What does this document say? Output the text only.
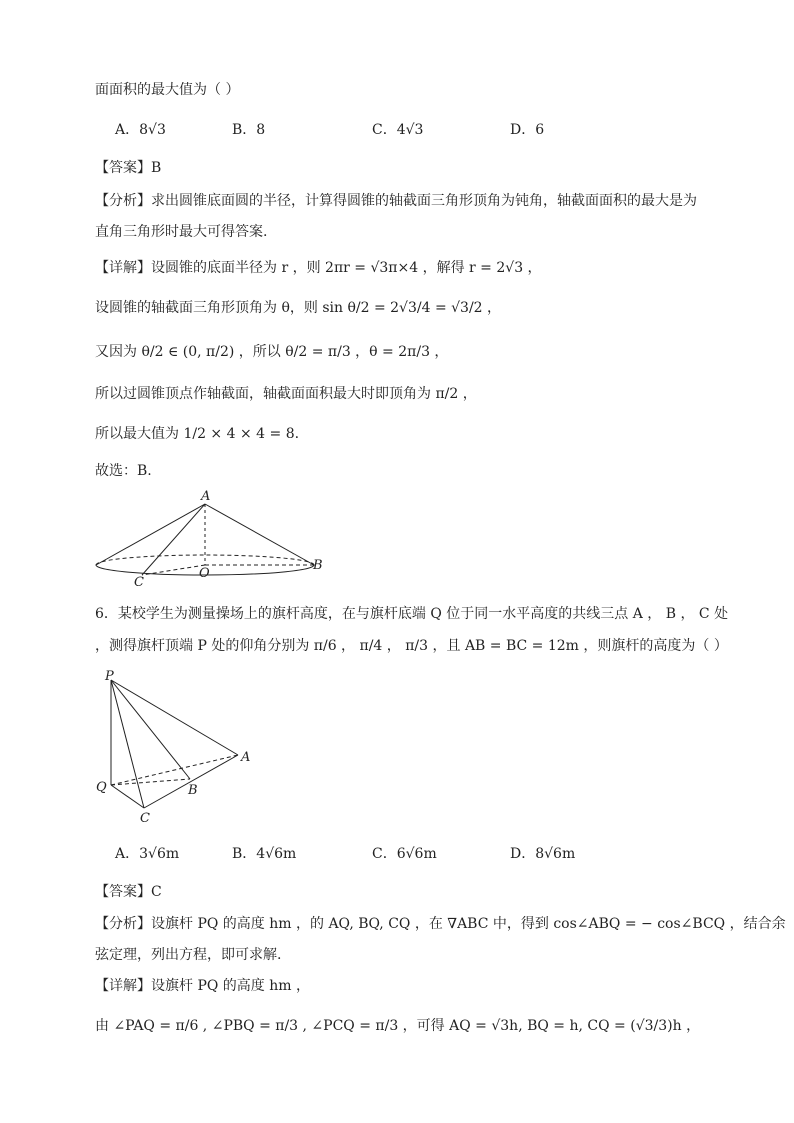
面面积的最大值为（ ）
A．8√3	B．8	C．4√3	D．6
【答案】B
【分析】求出圆锥底面圆的半径，计算得圆锥的轴截面三角形顶角为钝角，轴截面面积的最大是为
直角三角形时最大可得答案.
【详解】设圆锥的底面半径为 r ，则 2πr = √3π×4 ，解得 r = 2√3 ，
设圆锥的轴截面三角形顶角为 θ，则 sin θ/2 = 2√3/4 = √3/2 ，
又因为 θ/2 ∈ (0, π/2) ，所以 θ/2 = π/3 ，θ = 2π/3 ，
所以过圆锥顶点作轴截面，轴截面面积最大时即顶角为 π/2 ，
所以最大值为 1/2 × 4 × 4 = 8.
故选：B.
A
O
B
C
6．某校学生为测量操场上的旗杆高度，在与旗杆底端 Q 位于同一水平高度的共线三点 A ， B ， C 处
，测得旗杆顶端 P 处的仰角分别为 π/6 ， π/4 ， π/3 ，且 AB = BC = 12m ，则旗杆的高度为（ ）
P
Q
A
B
C
A．3√6m	B．4√6m	C．6√6m	D．8√6m
【答案】C
【分析】设旗杆 PQ 的高度 hm ，的 AQ, BQ, CQ ，在 ∇ABC 中，得到 cos∠ABQ = − cos∠BCQ ，结合余
弦定理，列出方程，即可求解.
【详解】设旗杆 PQ 的高度 hm ，
由 ∠PAQ = π/6 , ∠PBQ = π/3 , ∠PCQ = π/3 ，可得 AQ = √3h, BQ = h, CQ = (√3/3)h ，
